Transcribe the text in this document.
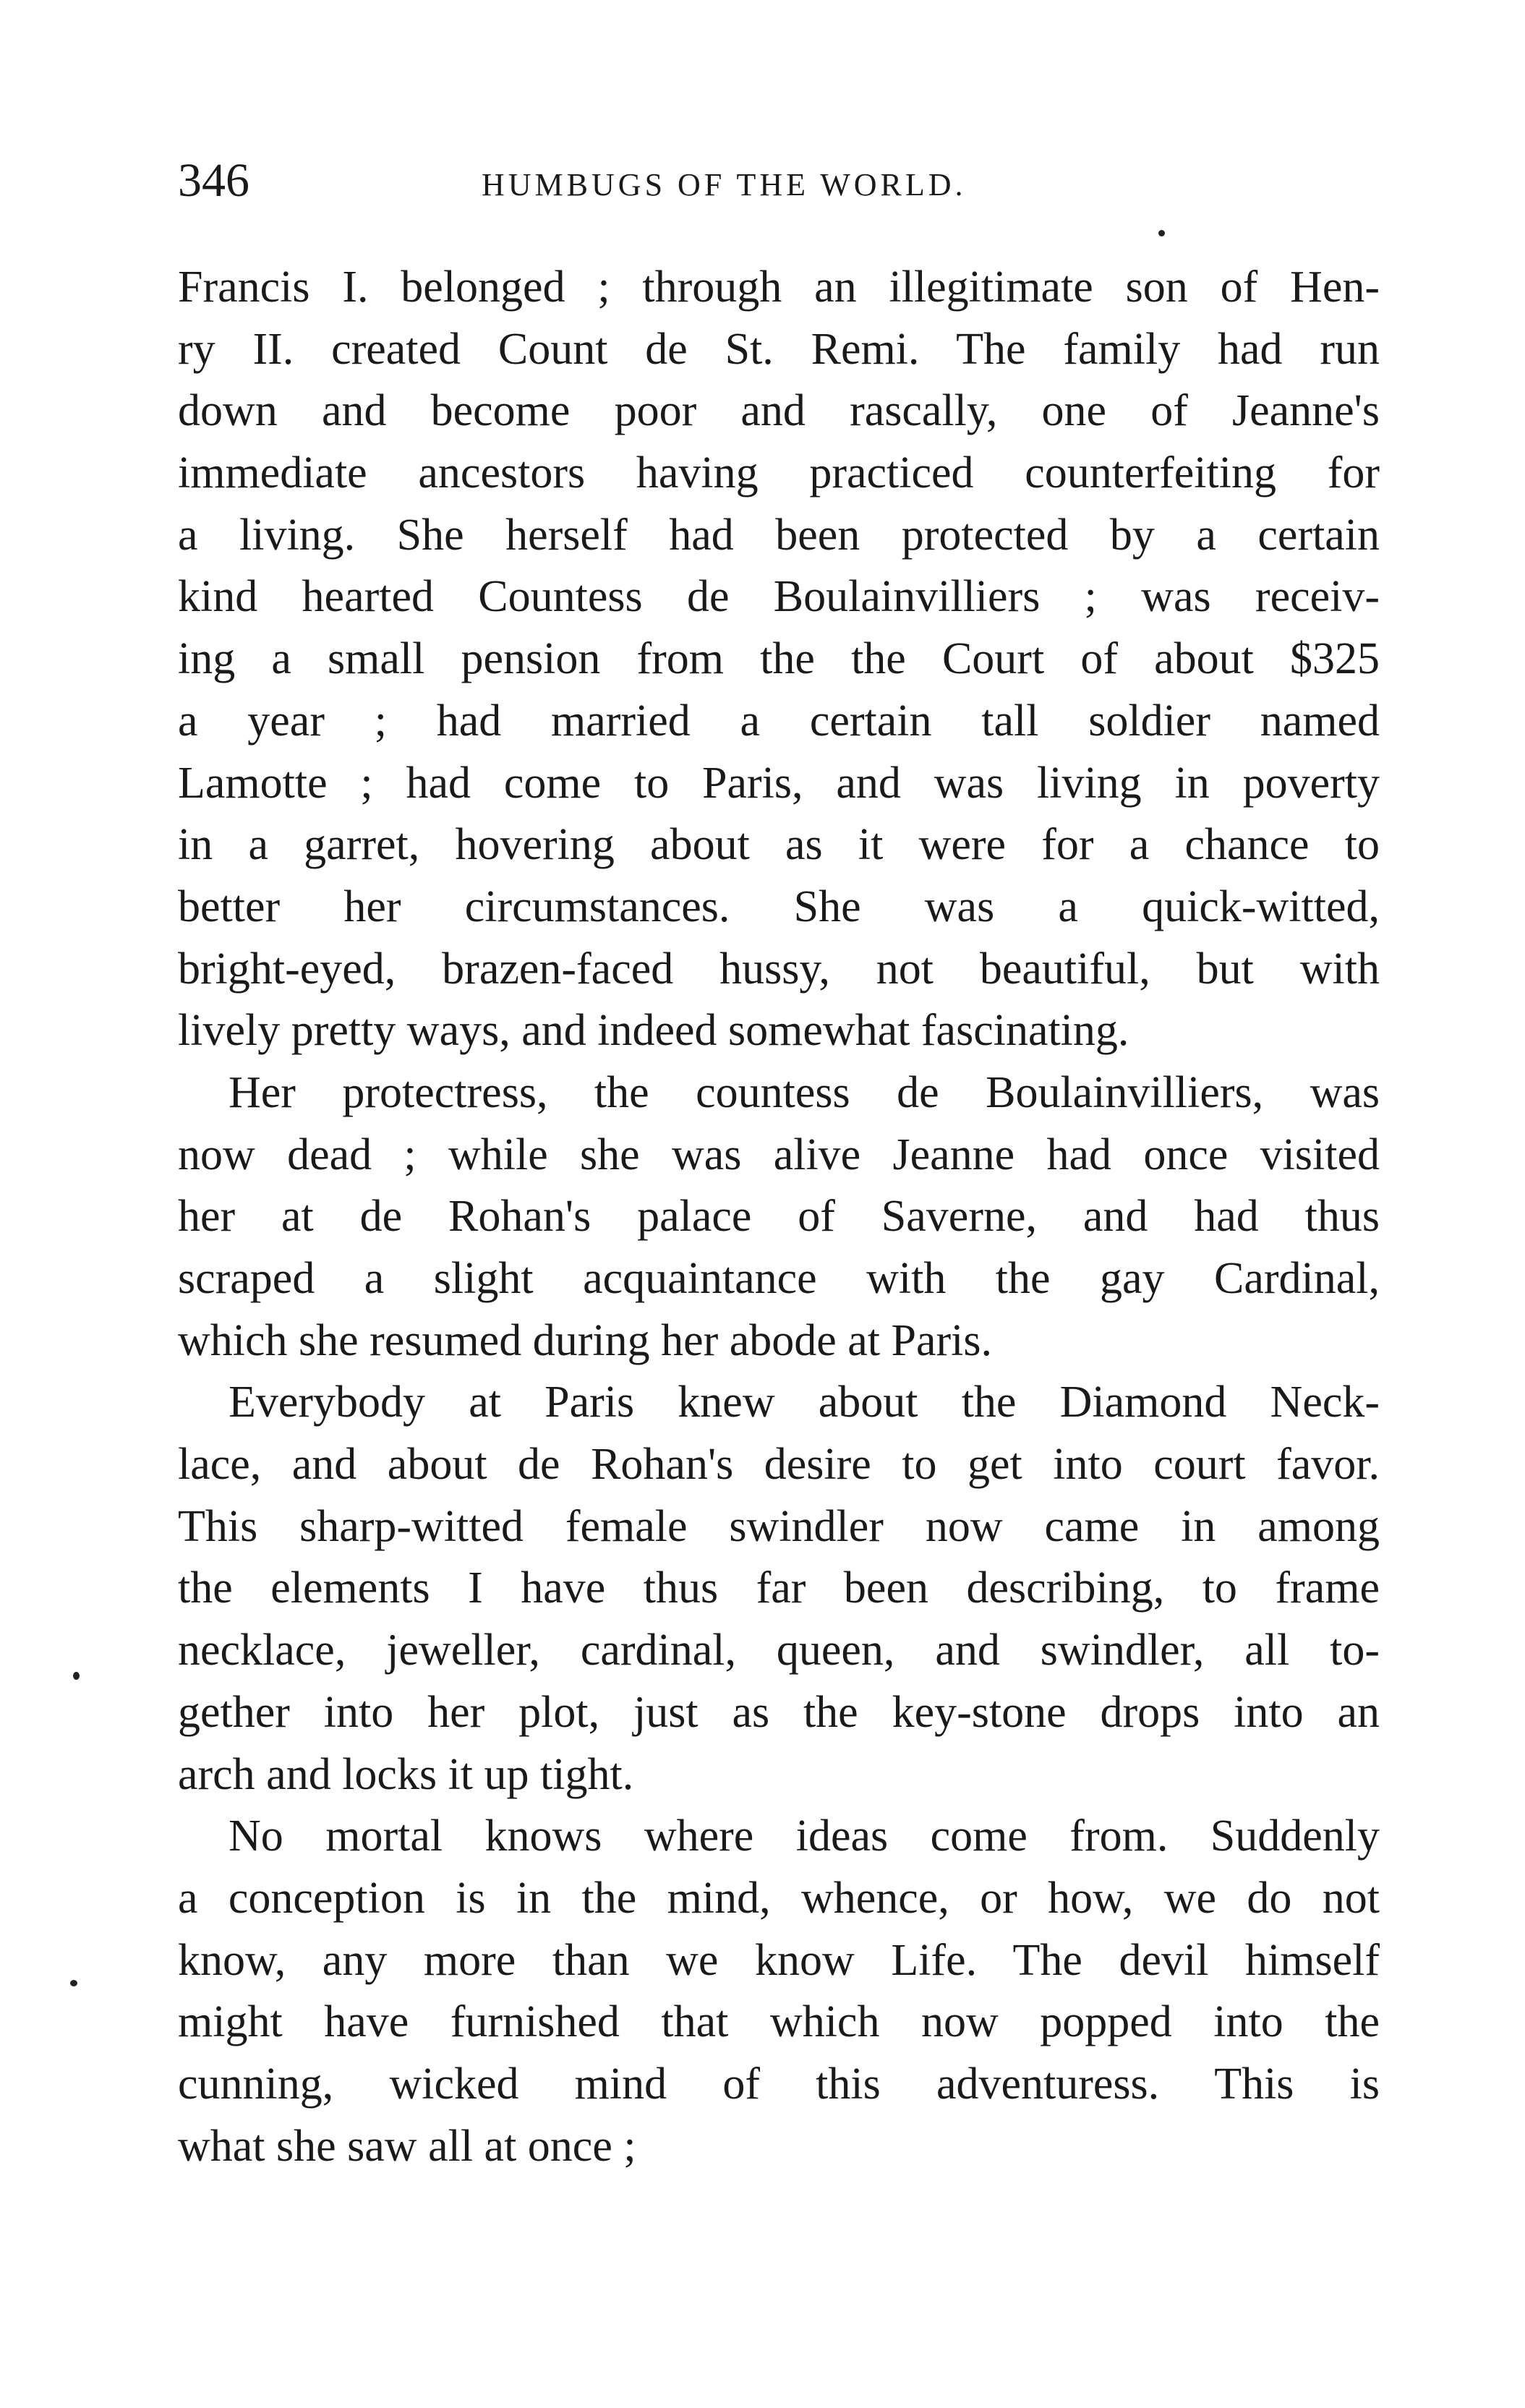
346	HUMBUGS OF THE WORLD.
Francis I. belonged ; through an illegitimate son of Hen-
ry II. created Count de St. Remi. The family had run
down and become poor and rascally, one of Jeanne's
immediate ancestors having practiced counterfeiting for
a living. She herself had been protected by a certain
kind hearted Countess de Boulainvilliers ; was receiv-
ing a small pension from the the Court of about $325
a year ; had married a certain tall soldier named
Lamotte ; had come to Paris, and was living in poverty
in a garret, hovering about as it were for a chance to
better her circumstances. She was a quick-witted,
bright-eyed, brazen-faced hussy, not beautiful, but with
lively pretty ways, and indeed somewhat fascinating.
Her protectress, the countess de Boulainvilliers, was
now dead ; while she was alive Jeanne had once visited
her at de Rohan's palace of Saverne, and had thus
scraped a slight acquaintance with the gay Cardinal,
which she resumed during her abode at Paris.
Everybody at Paris knew about the Diamond Neck-
lace, and about de Rohan's desire to get into court favor.
This sharp-witted female swindler now came in among
the elements I have thus far been describing, to frame
necklace, jeweller, cardinal, queen, and swindler, all to-
gether into her plot, just as the key-stone drops into an
arch and locks it up tight.
No mortal knows where ideas come from. Suddenly
a conception is in the mind, whence, or how, we do not
know, any more than we know Life. The devil himself
might have furnished that which now popped into the
cunning, wicked mind of this adventuress. This is
what she saw all at once ;
